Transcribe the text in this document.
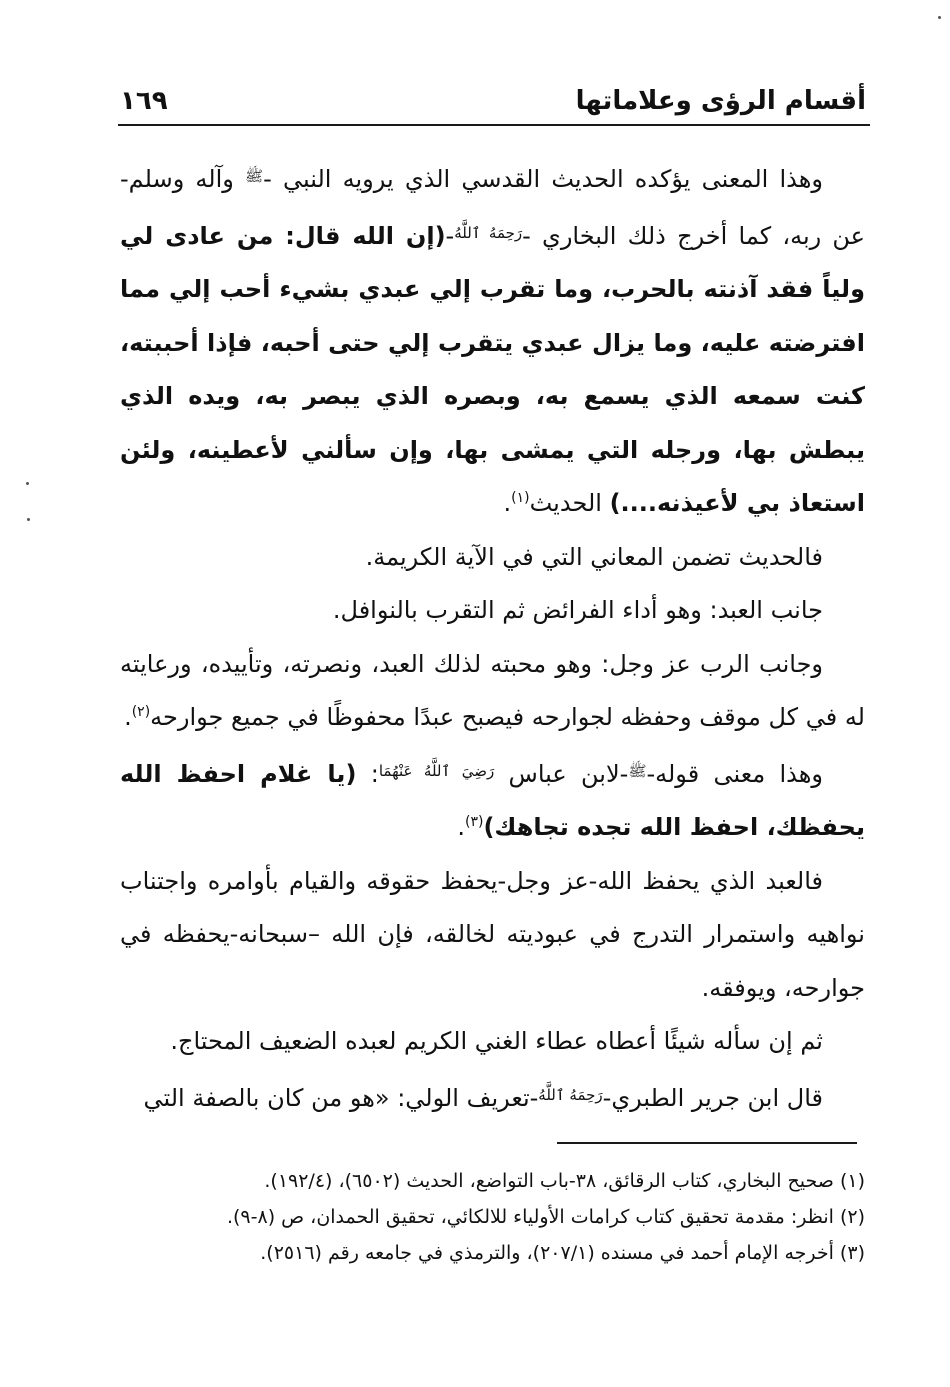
أقسام الرؤى وعلاماتها
١٦٩

وهذا المعنى يؤكده الحديث القدسي الذي يرويه النبي -$^ﷺ$ وآله وسلم- عن ربه، كما أخرج ذلك البخاري -$^{رَحِمَهُ ٱللَّهُ}$-(إن الله قال: من عادى لي ولياً فقد آذنته بالحرب، وما تقرب إلي عبدي بشيء أحب إلي مما افترضته عليه، وما يزال عبدي يتقرب إلي حتى أحبه، فإذا أحببته، كنت سمعه الذي يسمع به، وبصره الذي يبصر به، ويده الذي يبطش بها، ورجله التي يمشى بها، وإن سألني لأعطينه، ولئن استعاذ بي لأعيذنه....) الحديث$^{(١)}$.

فالحديث تضمن المعاني التي في الآية الكريمة.

جانب العبد: وهو أداء الفرائض ثم التقرب بالنوافل.

وجانب الرب عز وجل: وهو محبته لذلك العبد، ونصرته، وتأييده، ورعايته له في كل موقف وحفظه لجوارحه فيصبح عبدًا محفوظًا في جميع جوارحه$^{(٢)}$.

وهذا معنى قوله-$^ﷺ$-لابن عباس $^{رَضِيَ ٱللَّهُ عَنْهُمَا}$: (يا غلام احفظ الله يحفظك، احفظ الله تجده تجاهك)$^{(٣)}$.

فالعبد الذي يحفظ الله-عز وجل-يحفظ حقوقه والقيام بأوامره واجتناب نواهيه واستمرار التدرج في عبوديته لخالقه، فإن الله –سبحانه-يحفظه في جوارحه، ويوفقه.

ثم إن سأله شيئًا أعطاه عطاء الغني الكريم لعبده الضعيف المحتاج.

قال ابن جرير الطبري-$^{رَحِمَهُ ٱللَّهُ}$-تعريف الولي: «هو من كان بالصفة التي

(١) صحيح البخاري، كتاب الرقائق، ٣٨-باب التواضع، الحديث (٦٥٠٢)، (١٩٢/٤).

(٢) انظر: مقدمة تحقيق كتاب كرامات الأولياء للالكائي، تحقيق الحمدان، ص (٨-٩).

(٣) أخرجه الإمام أحمد في مسنده (٢٠٧/١)، والترمذي في جامعه رقم (٢٥١٦).
